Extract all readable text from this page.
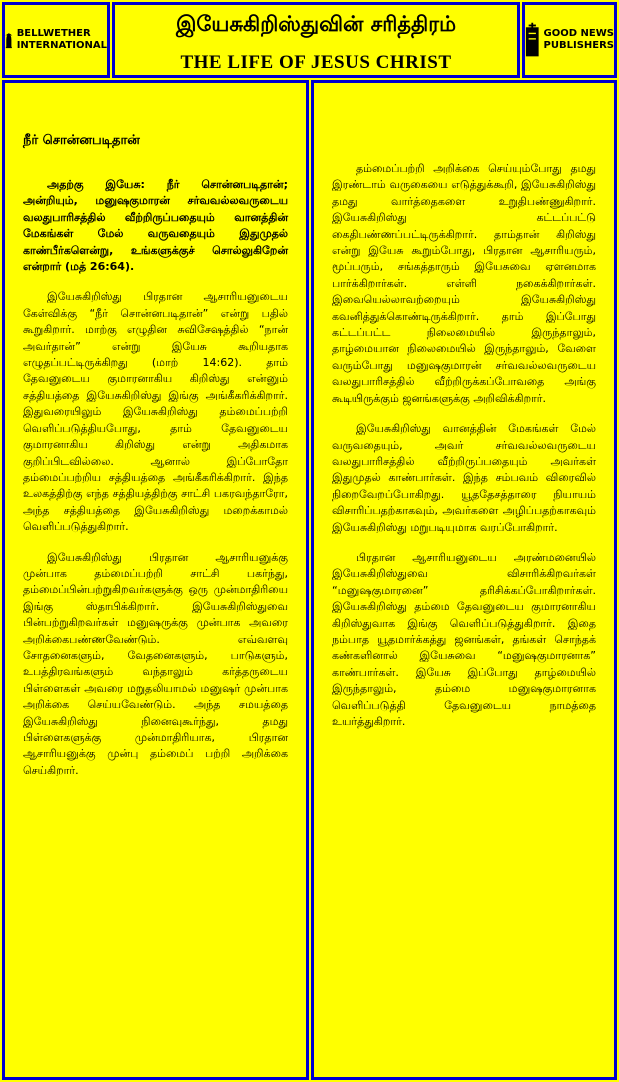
BELLWETHER
INTERNATIONAL
இயேசுகிறிஸ்துவின் சரித்திரம்
THE LIFE OF JESUS CHRIST
GOOD NEWS
PUBLISHERS

நீர் சொன்னபடிதான்

அதற்கு இயேசு: நீர் சொன்னபடிதான்; அன்றியும், மனுஷகுமாரன் சர்வவல்லவருடைய வலதுபாரிசத்தில் வீற்றிருப்பதையும் வானத்தின் மேகங்கள் மேல் வருவதையும் இதுமுதல் காண்பீர்களென்று, உங்களுக்குச் சொல்லுகிறேன் என்றார் (மத் 26:64).

இயேசுகிறிஸ்து பிரதான ஆசாரியனுடைய கேள்விக்கு “நீர் சொன்னபடிதான்” என்று பதில் கூறுகிறார். மாற்கு எழுதின சுவிசேஷத்தில் “நான் அவர்தான்” என்று இயேசு கூறியதாக எழுதப்பட்டிருக்கிறது (மாற் 14:62). தாம் தேவனுடைய குமாரனாகிய கிறிஸ்து என்னும் சத்தியத்தை இயேசுகிறிஸ்து இங்கு அங்கீகரிக்கிறார். இதுவரையிலும் இயேசுகிறிஸ்து தம்மைப்பற்றி வெளிப்படுத்தியபோது, தாம் தேவனுடைய குமாரனாகிய கிறிஸ்து என்று அதிகமாக குறிப்பிடவில்லை. ஆனால் இப்போதோ தம்மைப்பற்றிய சத்தியத்தை அங்கீகரிக்கிறார். இந்த உலகத்திற்கு எந்த சத்தியத்திற்கு சாட்சி பகரவந்தாரோ, அந்த சத்தியத்தை இயேசுகிறிஸ்து மறைக்காமல் வெளிப்படுத்துகிறார்.

இயேசுகிறிஸ்து பிரதான ஆசாரியனுக்கு முன்பாக தம்மைப்பற்றி சாட்சி பகர்ந்து, தம்மைப்பின்பற்றுகிறவர்களுக்கு ஒரு முன்மாதிரியை இங்கு ஸ்தாபிக்கிறார். இயேசுகிறிஸ்துவை பின்பற்றுகிறவர்கள் மனுஷருக்கு முன்பாக அவரை அறிக்கைபண்ணவேண்டும். எவ்வளவு சோதனைகளும், வேதனைகளும், பாடுகளும், உபத்திரவங்களும் வந்தாலும் கர்த்தருடைய பிள்ளைகள் அவரை மறுதலியாமல் மனுஷர் முன்பாக அறிக்கை செய்யவேண்டும். அந்த சமயத்தை இயேசுகிறிஸ்து நினைவுகூர்ந்து, தமது பிள்ளைகளுக்கு முன்மாதிரியாக, பிரதான ஆசாரியனுக்கு முன்பு தம்மைப் பற்றி அறிக்கை செய்கிறார்.

தம்மைப்பற்றி அறிக்கை செய்யும்போது தமது இரண்டாம் வருகையை எடுத்துக்கூறி, இயேசுகிறிஸ்து தமது வார்த்தைகளை உறுதிபண்ணுகிறார். இயேசுகிறிஸ்து கட்டப்பட்டு கைதிபண்ணப்பட்டிருக்கிறார். தாம்தான் கிறிஸ்து என்று இயேசு கூறும்போது, பிரதான ஆசாரியரும், மூப்பரும், சங்கத்தாரும் இயேசுவை ஏளனமாக பார்க்கிறார்கள். எள்ளி நகைக்கிறார்கள். இவையெல்லாவற்றையும் இயேசுகிறிஸ்து கவனித்துக்கொண்டிருக்கிறார். தாம் இப்போது கட்டப்பட்ட நிலைமையில் இருந்தாலும், தாழ்மையான நிலைமையில் இருந்தாலும், வேளை வரும்போது மனுஷகுமாரன் சர்வவல்லவருடைய வலதுபாரிசத்தில் வீற்றிருக்கப்போவதை அங்கு கூடியிருக்கும் ஜனங்களுக்கு அறிவிக்கிறார்.

இயேசுகிறிஸ்து வானத்தின் மேகங்கள் மேல் வருவதையும், அவர் சர்வவல்லவருடைய வலதுபாரிசத்தில் வீற்றிருப்பதையும் அவர்கள் இதுமுதல் காண்பார்கள். இந்த சம்பவம் விரைவில் நிறைவேறப்போகிறது. யூததேசத்தாரை நியாயம் விசாரிப்பதற்காகவும், அவர்களை அழிப்பதற்காகவும் இயேசுகிறிஸ்து மறுபடியுமாக வரப்போகிறார்.

பிரதான ஆசாரியனுடைய அரண்மனையில் இயேசுகிறிஸ்துவை விசாரிக்கிறவர்கள் “மனுஷகுமாரனை” தரிசிக்கப்போகிறார்கள். இயேசுகிறிஸ்து தம்மை தேவனுடைய குமாரனாகிய கிறிஸ்துவாக இங்கு வெளிப்படுத்துகிறார். இதை நம்பாத யூதமார்க்கத்து ஜனங்கள், தங்கள் சொந்தக் கண்களினால் இயேசுவை “மனுஷகுமாரனாக” காண்பார்கள். இயேசு இப்போது தாழ்மையில் இருந்தாலும், தம்மை மனுஷகுமாரனாக வெளிப்படுத்தி தேவனுடைய நாமத்தை உயர்த்துகிறார்.
